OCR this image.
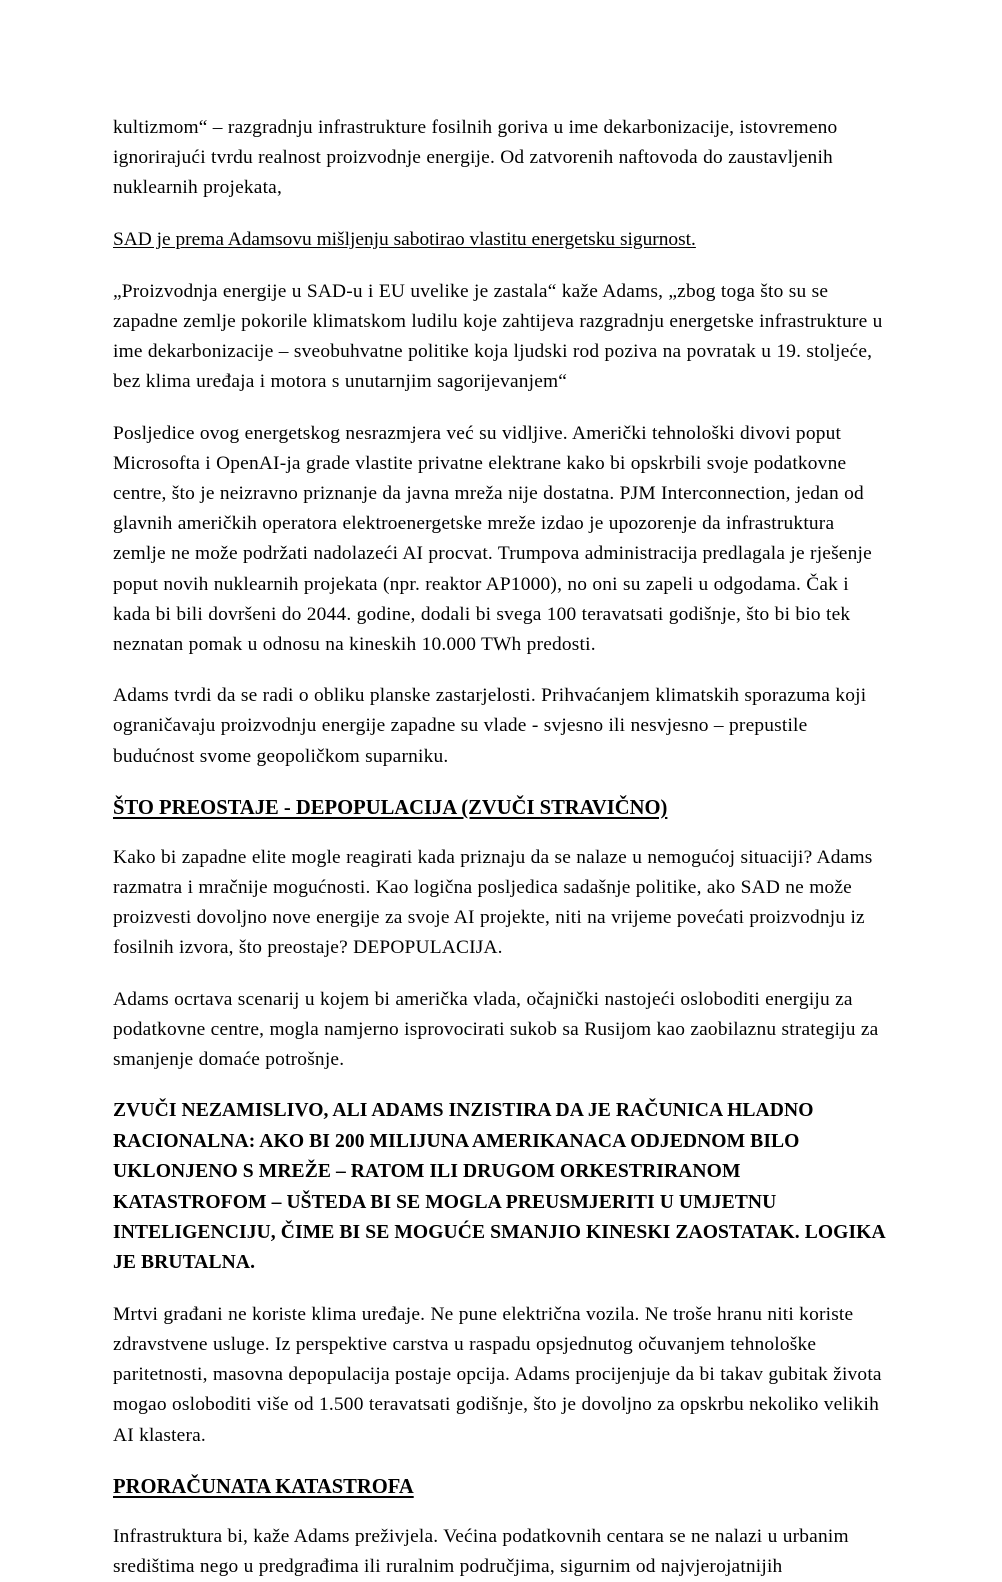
kultizmom“ – razgradnju infrastrukture fosilnih goriva u ime dekarbonizacije, istovremeno ignorirajući tvrdu realnost proizvodnje energije. Od zatvorenih naftovoda do zaustavljenih nuklearnih projekata,

SAD je prema Adamsovu mišljenju sabotirao vlastitu energetsku sigurnost.

„Proizvodnja energije u SAD-u i EU uvelike je zastala“ kaže Adams, „zbog toga što su se zapadne zemlje pokorile klimatskom ludilu koje zahtijeva razgradnju energetske infrastrukture u ime dekarbonizacije – sveobuhvatne politike koja ljudski rod poziva na povratak u 19. stoljeće, bez klima uređaja i motora s unutarnjim sagorijevanjem“

Posljedice ovog energetskog nesrazmjera već su vidljive. Američki tehnološki divovi poput Microsofta i OpenAI-ja grade vlastite privatne elektrane kako bi opskrbili svoje podatkovne centre, što je neizravno priznanje da javna mreža nije dostatna. PJM Interconnection, jedan od glavnih američkih operatora elektroenergetske mreže izdao je upozorenje da infrastruktura zemlje ne može podržati nadolazeći AI procvat. Trumpova administracija predlagala je rješenje poput novih nuklearnih projekata (npr. reaktor AP1000), no oni su zapeli u odgodama. Čak i kada bi bili dovršeni do 2044. godine, dodali bi svega 100 teravatsati godišnje, što bi bio tek neznatan pomak u odnosu na kineskih 10.000 TWh predosti.

Adams tvrdi da se radi o obliku planske zastarjelosti. Prihvaćanjem klimatskih sporazuma koji ograničavaju proizvodnju energije zapadne su vlade - svjesno ili nesvjesno – prepustile budućnost svome geopoličkom suparniku.

ŠTO PREOSTAJE - DEPOPULACIJA (ZVUČI STRAVIČNO)

Kako bi zapadne elite mogle reagirati kada priznaju da se nalaze u nemogućoj situaciji? Adams razmatra i mračnije mogućnosti. Kao logična posljedica sadašnje politike, ako SAD ne može proizvesti dovoljno nove energije za svoje AI projekte, niti na vrijeme povećati proizvodnju iz fosilnih izvora, što preostaje? DEPOPULACIJA.

Adams ocrtava scenarij u kojem bi američka vlada, očajnički nastojeći osloboditi energiju za podatkovne centre, mogla namjerno isprovocirati sukob sa Rusijom kao zaobilaznu strategiju za smanjenje domaće potrošnje.

ZVUČI NEZAMISLIVO, ALI ADAMS INZISTIRA DA JE RAČUNICA HLADNO RACIONALNA: AKO BI 200 MILIJUNA AMERIKANACA ODJEDNOM BILO UKLONJENO S MREŽE – RATOM ILI DRUGOM ORKESTRIRANOM KATASTROFOM – UŠTEDA BI SE MOGLA PREUSMJERITI U UMJETNU INTELIGENCIJU, ČIME BI SE MOGUĆE SMANJIO KINESKI ZAOSTATAK. LOGIKA JE BRUTALNA.

Mrtvi građani ne koriste klima uređaje. Ne pune električna vozila. Ne troše hranu niti koriste zdravstvene usluge. Iz perspektive carstva u raspadu opsjednutog očuvanjem tehnološke paritetnosti, masovna depopulacija postaje opcija. Adams procijenjuje da bi takav gubitak života mogao osloboditi više od 1.500 teravatsati godišnje, što je dovoljno za opskrbu nekoliko velikih AI klastera.

PRORAČUNATA KATASTROFA

Infrastruktura bi, kaže Adams preživjela. Većina podatkovnih centara se ne nalazi u urbanim središtima nego u predgrađima ili ruralnim područjima, sigurnim od najvjerojatnijih
